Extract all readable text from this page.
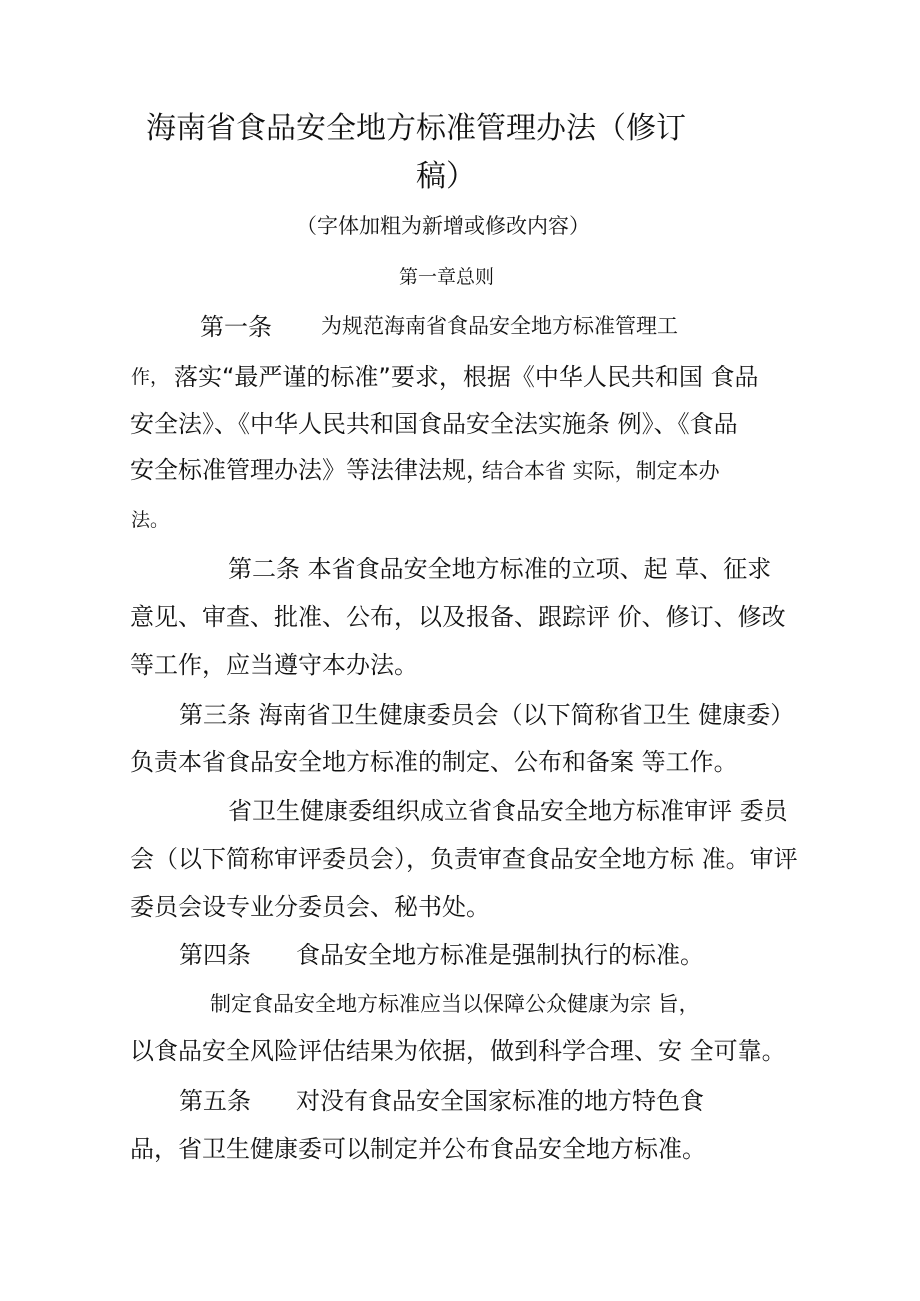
海南省食品安全地方标准管理办法（修订
稿）
（字体加粗为新增或修改内容）
第一章总则
第一条 为规范海南省食品安全地方标准管理工
作， 落实“最严谨的标准”要求，根据《中华人民共和国 食品
安全法》、《中华人民共和国食品安全法实施条 例》、《食品
安全标准管理办法》等法律法规，
结合本省 实际，制定本办
法。
第二条 本省食品安全地方标准的立项、起 草、征求
意见、审查、批准、公布，以及报备、跟踪评 价、修订、修改
等工作，应当遵守本办法。
第三条 海南省卫生健康委员会（以下简称省卫生 健康委）
负责本省食品安全地方标准的制定、公布和备案 等工作。
省卫生健康委组织成立省食品安全地方标准审评 委员
会（以下简称审评委员会），负责审查食品安全地方标 准。审评
委员会设专业分委员会、秘书处。
第四条 食品安全地方标准是强制执行的标准。
制定食品安全地方标准应当以保障公众健康为宗 旨，
以食品安全风险评估结果为依据，做到科学合理、安 全可靠。
第五条 对没有食品安全国家标准的地方特色食
品，省卫生健康委可以制定并公布食品安全地方标准。
